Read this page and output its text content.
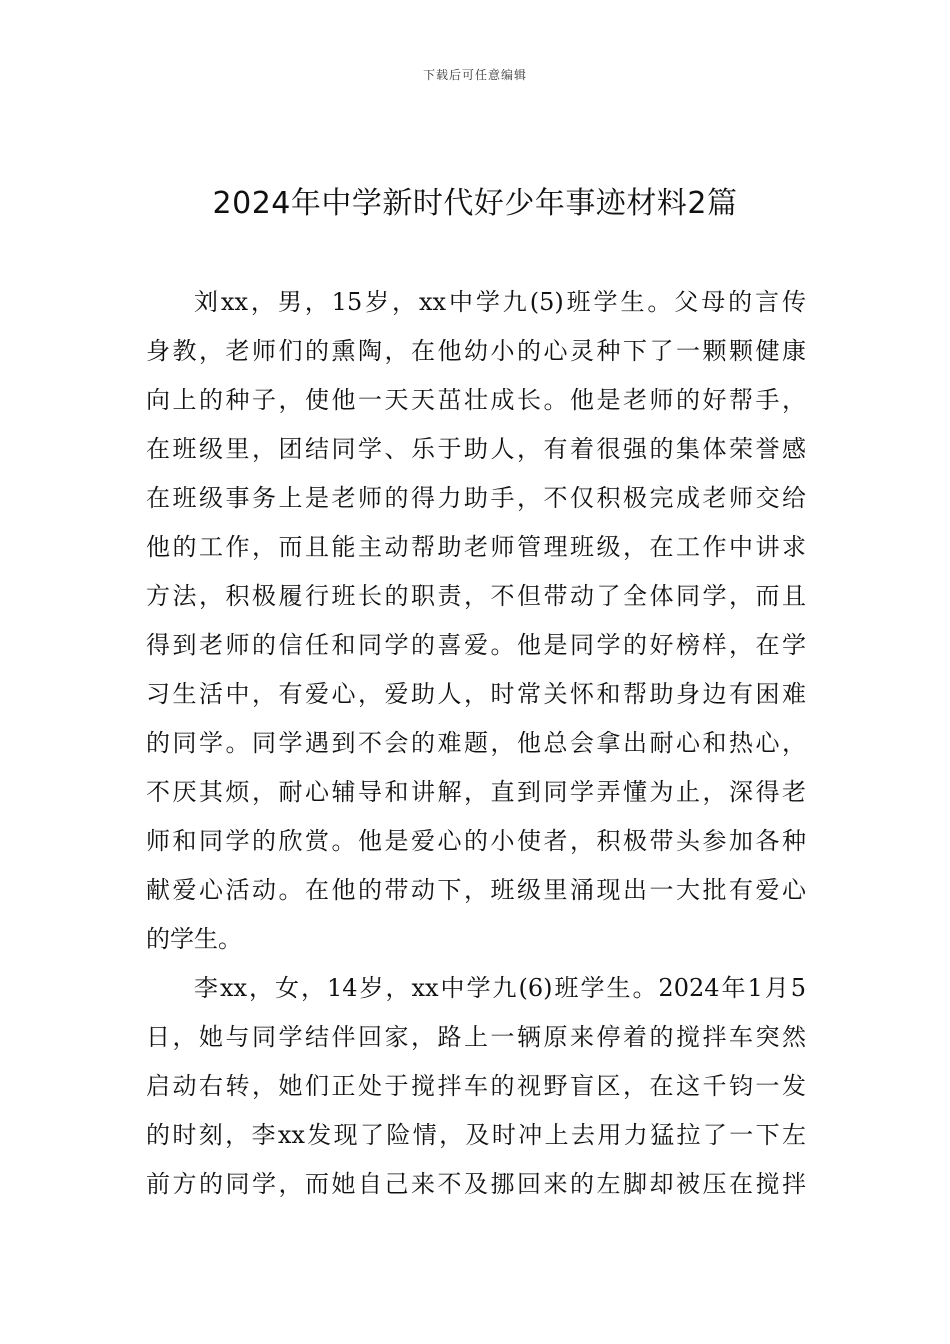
下载后可任意编辑
2024年中学新时代好少年事迹材料2篇
刘xx，男，15岁，xx中学九(5)班学生。父母的言传
身教，老师们的熏陶，在他幼小的心灵种下了一颗颗健康
向上的种子，使他一天天茁壮成长。他是老师的好帮手，
在班级里，团结同学、乐于助人，有着很强的集体荣誉感
在班级事务上是老师的得力助手，不仅积极完成老师交给
他的工作，而且能主动帮助老师管理班级，在工作中讲求
方法，积极履行班长的职责，不但带动了全体同学，而且
得到老师的信任和同学的喜爱。他是同学的好榜样，在学
习生活中，有爱心，爱助人，时常关怀和帮助身边有困难
的同学。同学遇到不会的难题，他总会拿出耐心和热心，
不厌其烦，耐心辅导和讲解，直到同学弄懂为止，深得老
师和同学的欣赏。他是爱心的小使者，积极带头参加各种
献爱心活动。在他的带动下，班级里涌现出一大批有爱心
的学生。
李xx，女，14岁，xx中学九(6)班学生。2024年1月5
日，她与同学结伴回家，路上一辆原来停着的搅拌车突然
启动右转，她们正处于搅拌车的视野盲区，在这千钧一发
的时刻，李xx发现了险情，及时冲上去用力猛拉了一下左
前方的同学，而她自己来不及挪回来的左脚却被压在搅拌
